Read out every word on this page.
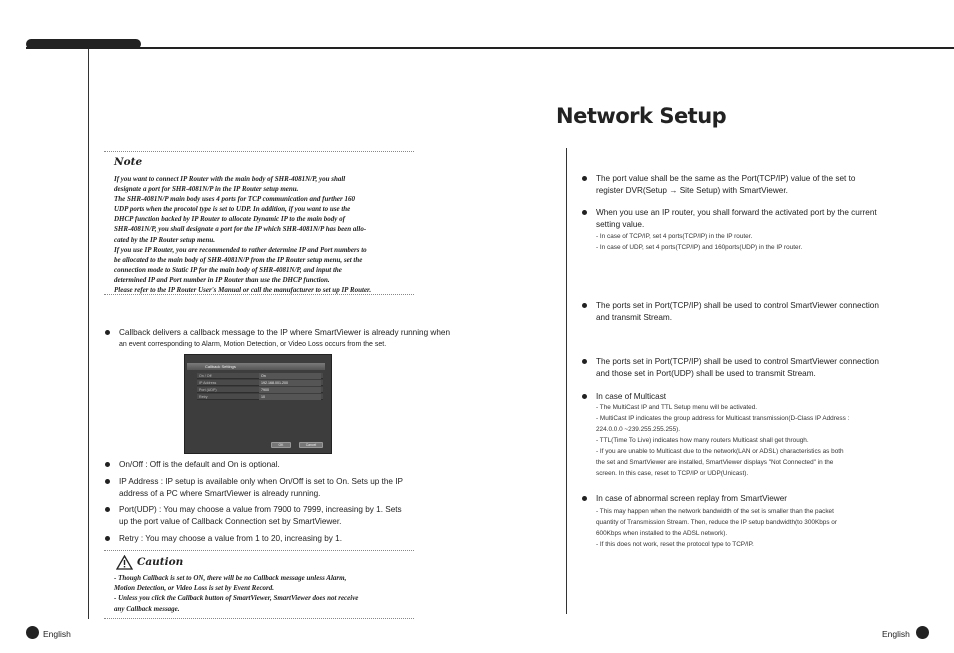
Network Setup
Note
If you want to connect IP Router with the main body of SHR-4081N/P, you shall
designate a port for SHR-4081N/P in the IP Router setup menu.
The SHR-4081N/P main body uses 4 ports for TCP communication and further 160
UDP ports when the procotol type is set to UDP. In addition, if you want to use the
DHCP function backed by IP Router to allocate Dynamic IP to the main body of
SHR-4081N/P, you shall designate a port for the IP which SHR-4081N/P has been allo-
cated by the IP Router setup menu.
If you use IP Router, you are recommended to rather determine IP and Port numbers to
be allocated to the main body of SHR-4081N/P from the IP Router setup menu, set the
connection mode to Static IP for the main body of SHR-4081N/P, and input the
determined IP and Port number in IP Router than use the DHCP function.
Please refer to the IP Router User's Manual or call the manufacturer to set up IP Router.
Callback delivers a callback message to the IP where SmartViewer is already running when
an event corresponding to Alarm, Motion Detection, or Video Loss occurs from the set.
Callback Settings
On / Off	On
IP Address	192.168.001.200
Port (UDP)	7900
Retry	10
OK	Cancel
On/Off : Off is the default and On is optional.
IP Address : IP setup is available only when On/Off is set to On. Sets up the IP
address of a PC where SmartViewer is already running.
Port(UDP) : You may choose a value from 7900 to 7999, increasing by 1. Sets
up the port value of Callback Connection set by SmartViewer.
Retry : You may choose a value from 1 to 20, increasing by 1.
Caution
- Though Callback is set to ON, there will be no Callback message unless Alarm,
Motion Detection, or Video Loss is set by Event Record.
- Unless you click the Callback button of SmartViewer, SmartViewer does not receive
any Callback message.
The port value shall be the same as the Port(TCP/IP) value of the set to
register DVR(Setup → Site Setup) with SmartViewer.
When you use an IP router, you shall forward the activated port by the current
setting value.
- In case of TCP/IP, set 4 ports(TCP/IP) in the IP router.
- In case of UDP, set 4 ports(TCP/IP) and 160ports(UDP) in the IP router.
The ports set in Port(TCP/IP) shall be used to control SmartViewer connection
and transmit Stream.
The ports set in Port(TCP/IP) shall be used to control SmartViewer connection
and those set in Port(UDP) shall be used to transmit Stream.
In case of Multicast
- The MultiCast IP and TTL Setup menu will be activated.
- MultiCast IP indicates the group address for Multicast transmission(D-Class IP Address :
224.0.0.0 ~239.255.255.255).
- TTL(Time To Live) indicates how many routers Multicast shall get through.
- If you are unable to Multicast due to the network(LAN or ADSL) characteristics as both
the set and SmartViewer are installed, SmartViewer displays "Not Connected" in the
screen. In this case, reset to TCP/IP or UDP(Unicast).
In case of abnormal screen replay from SmartViewer
- This may happen when the network bandwidth of the set is smaller than the packet
quantity of Transmission Stream. Then, reduce the IP setup bandwidth(to 300Kbps or
600Kbps when installed to the ADSL network).
- If this does not work, reset the protocol type to TCP/IP.
English	English
